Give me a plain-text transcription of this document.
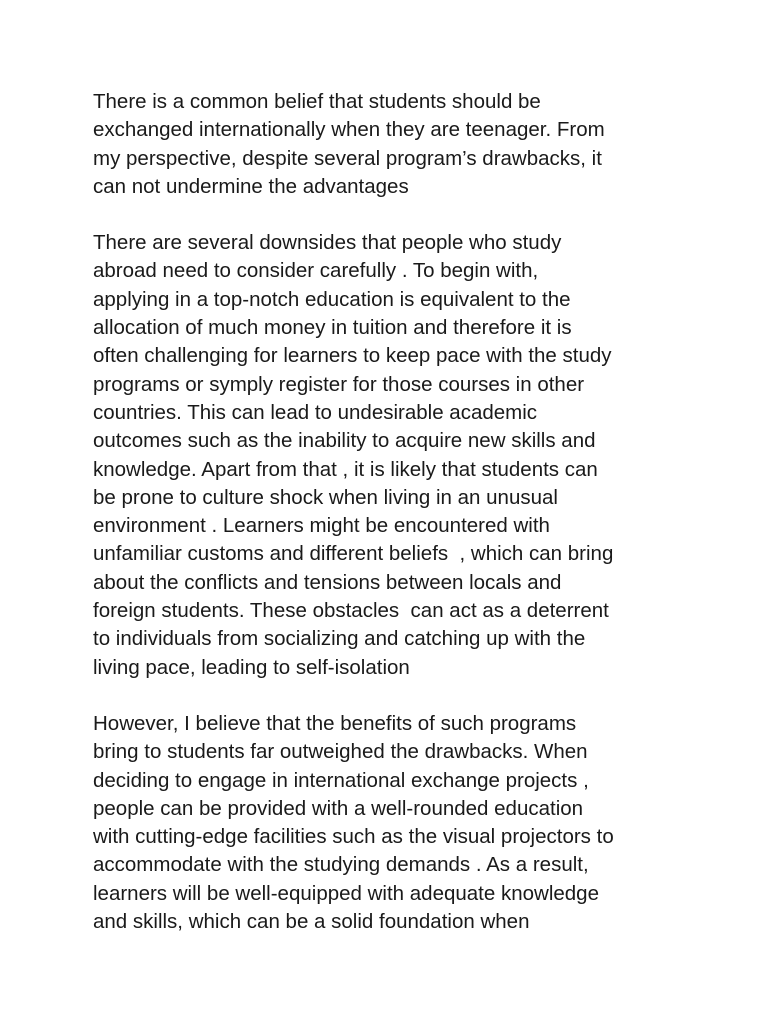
There is a common belief that students should be
exchanged internationally when they are teenager. From
my perspective, despite several program’s drawbacks, it
can not undermine the advantages

There are several downsides that people who study
abroad need to consider carefully . To begin with,
applying in a top-notch education is equivalent to the
allocation of much money in tuition and therefore it is
often challenging for learners to keep pace with the study
programs or symply register for those courses in other
countries. This can lead to undesirable academic
outcomes such as the inability to acquire new skills and
knowledge. Apart from that , it is likely that students can
be prone to culture shock when living in an unusual
environment . Learners might be encountered with
unfamiliar customs and different beliefs  , which can bring
about the conflicts and tensions between locals and
foreign students. These obstacles  can act as a deterrent
to individuals from socializing and catching up with the
living pace, leading to self-isolation

However, I believe that the benefits of such programs
bring to students far outweighed the drawbacks. When
deciding to engage in international exchange projects ,
people can be provided with a well-rounded education
with cutting-edge facilities such as the visual projectors to
accommodate with the studying demands . As a result,
learners will be well-equipped with adequate knowledge
and skills, which can be a solid foundation when
